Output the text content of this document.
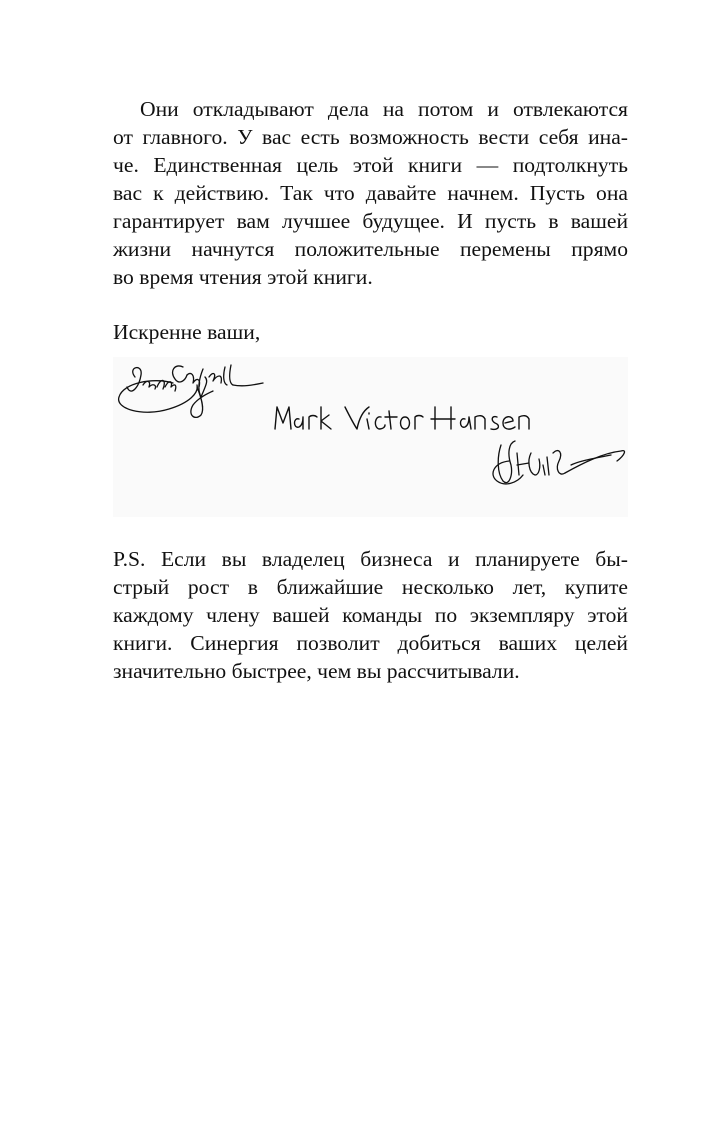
Они откладывают дела на потом и отвлекаются
от главного. У вас есть возможность вести себя ина-
че. Единственная цель этой книги — подтолкнуть
вас к действию. Так что давайте начнем. Пусть она
гарантирует вам лучшее будущее. И пусть в вашей
жизни начнутся положительные перемены прямо
во время чтения этой книги.
Искренне ваши,
P.S. Если вы владелец бизнеса и планируете бы-
стрый рост в ближайшие несколько лет, купите
каждому члену вашей команды по экземпляру этой
книги. Синергия позволит добиться ваших целей
значительно быстрее, чем вы рассчитывали.
